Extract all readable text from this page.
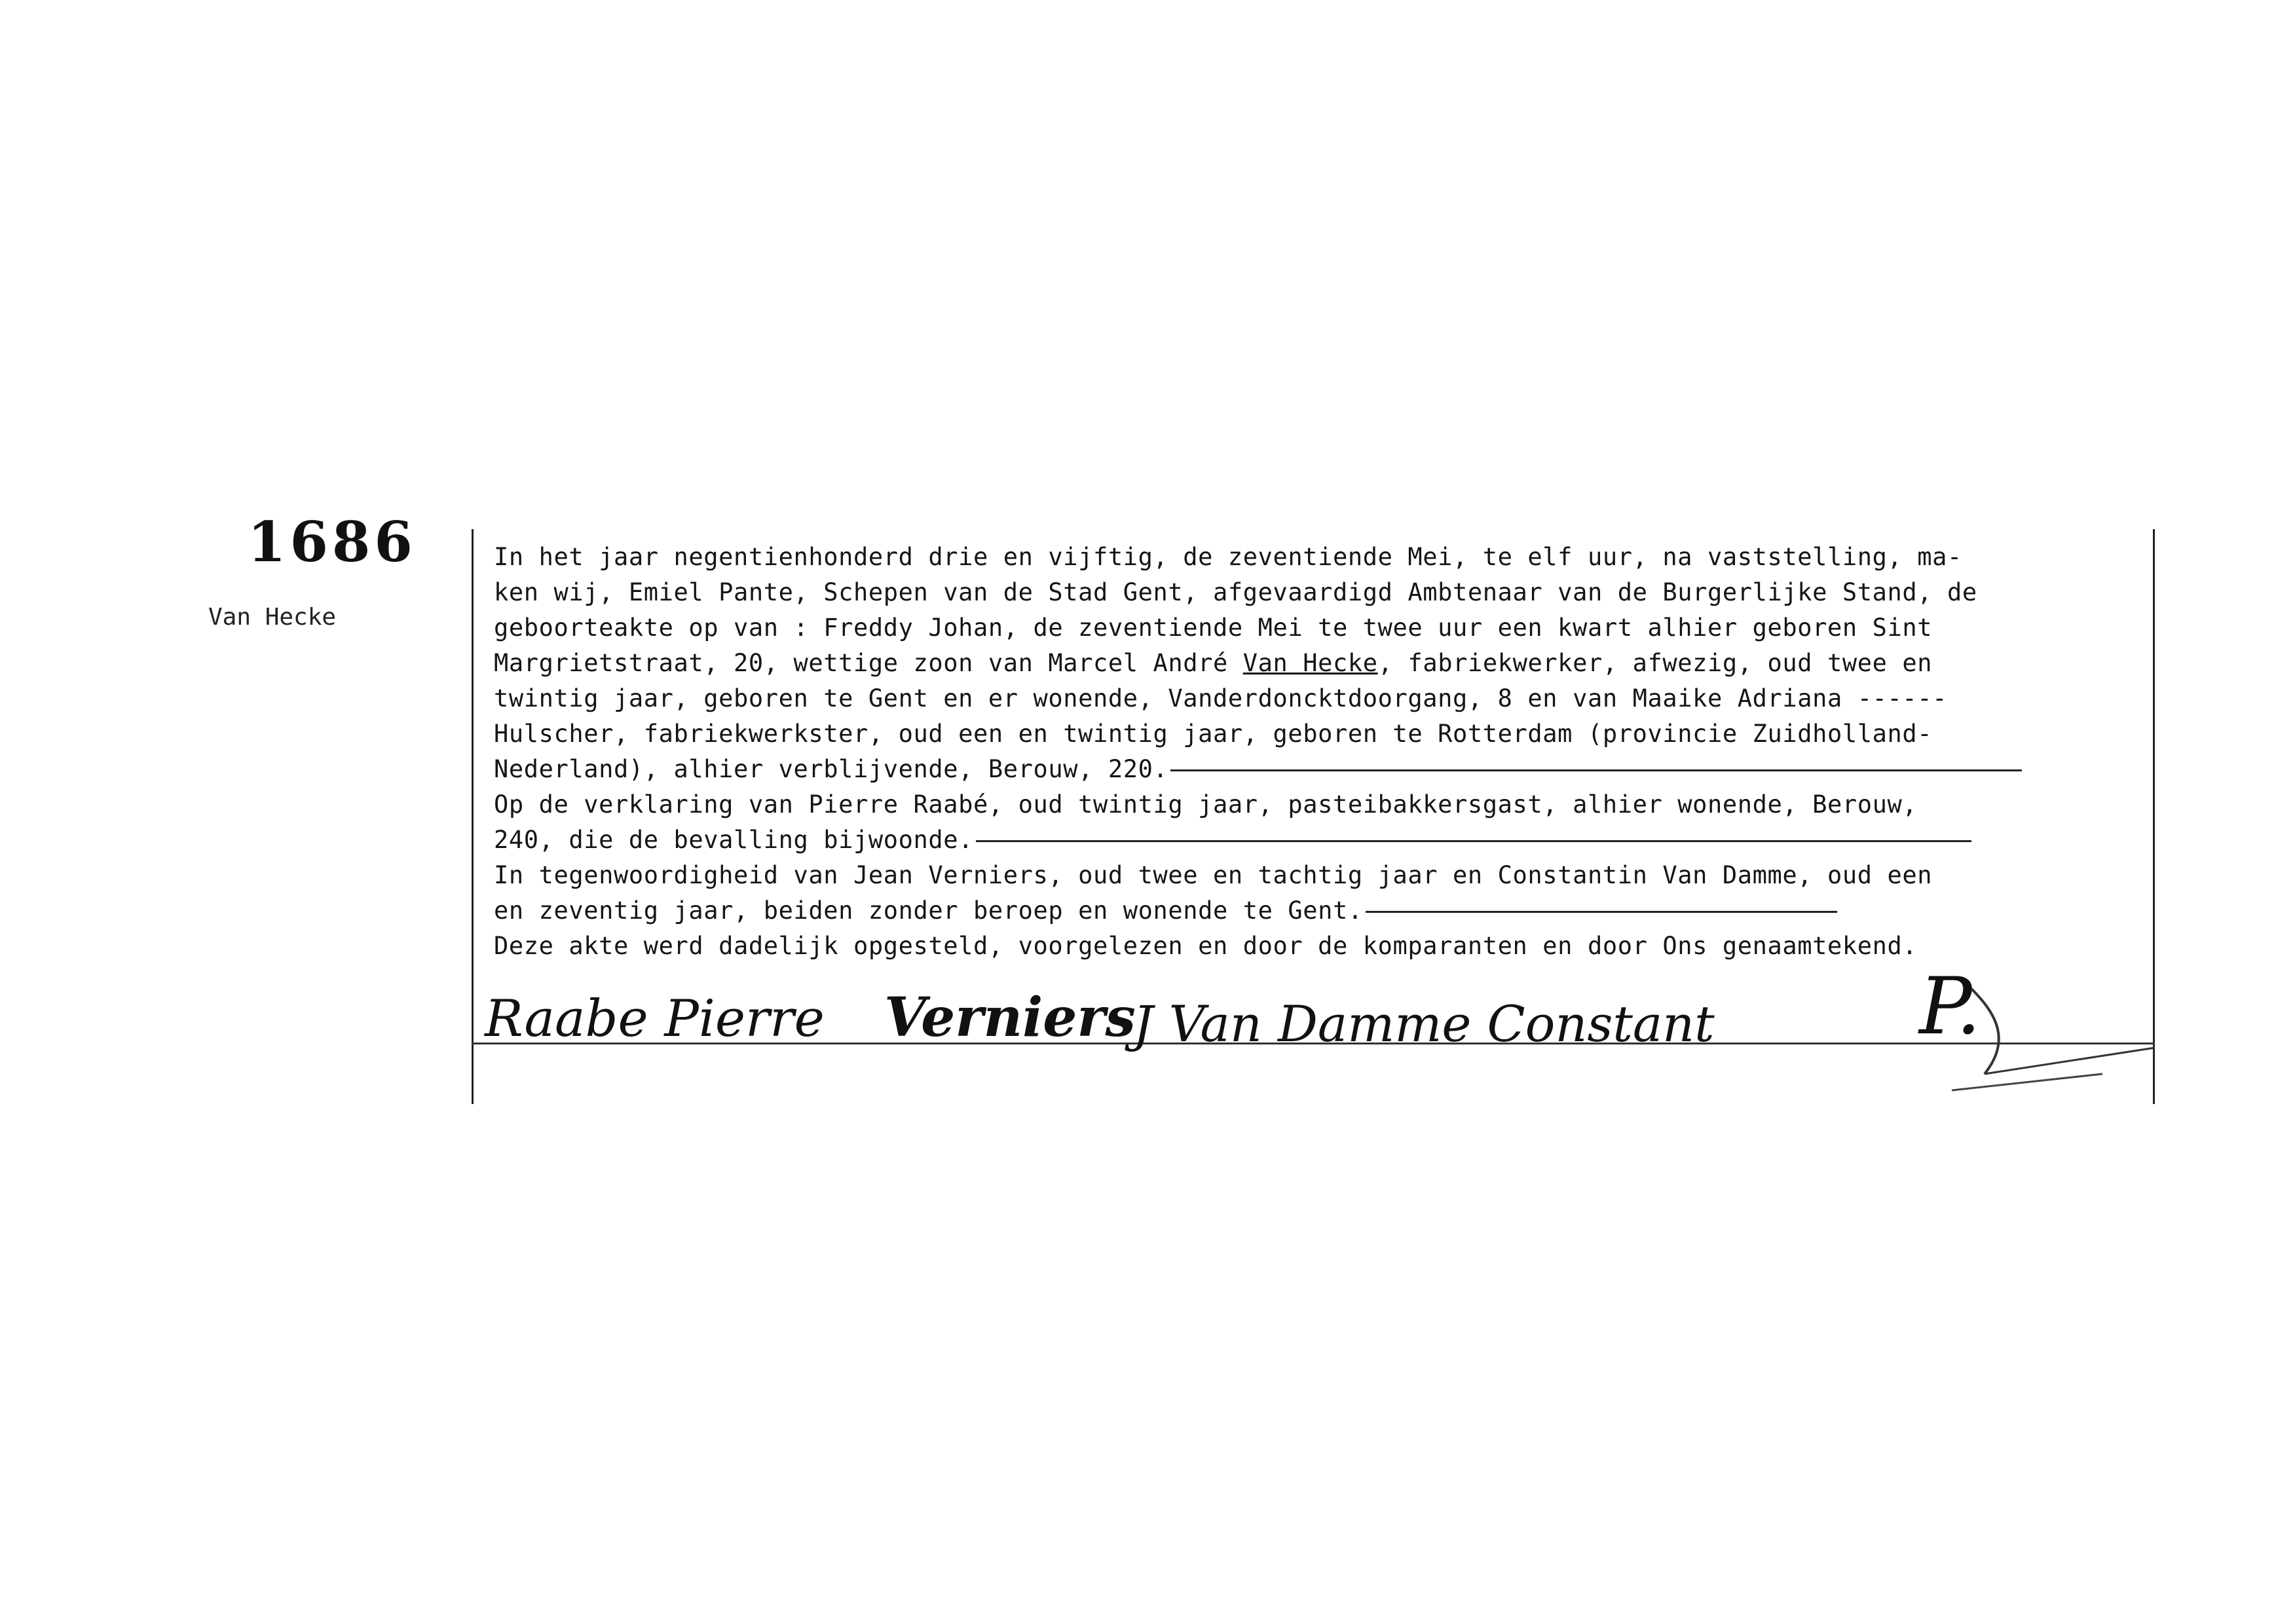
1686
Van Hecke
In het jaar negentienhonderd drie en vijftig, de zeventiende Mei, te elf uur, na vaststelling, ma-
ken wij, Emiel Pante, Schepen van de Stad Gent, afgevaardigd Ambtenaar van de Burgerlijke Stand, de
geboorteakte op van : Freddy Johan, de zeventiende Mei te twee uur een kwart alhier geboren Sint
Margrietstraat, 20, wettige zoon van Marcel André Van Hecke, fabriekwerker, afwezig, oud twee en
twintig jaar, geboren te Gent en er wonende, Vanderdoncktdoorgang, 8 en van Maaike Adriana ------
Hulscher, fabriekwerkster, oud een en twintig jaar, geboren te Rotterdam (provincie Zuidholland-
Nederland), alhier verblijvende, Berouw, 220.
Op de verklaring van Pierre Raabé, oud twintig jaar, pasteibakkersgast, alhier wonende, Berouw,
240, die de bevalling bijwoonde.
In tegenwoordigheid van Jean Verniers, oud twee en tachtig jaar en Constantin Van Damme, oud een
en zeventig jaar, beiden zonder beroep en wonende te Gent.
Deze akte werd dadelijk opgesteld, voorgelezen en door de komparanten en door Ons genaamtekend.
Raabe Pierre Verniers
J Van Damme Constant	P.
